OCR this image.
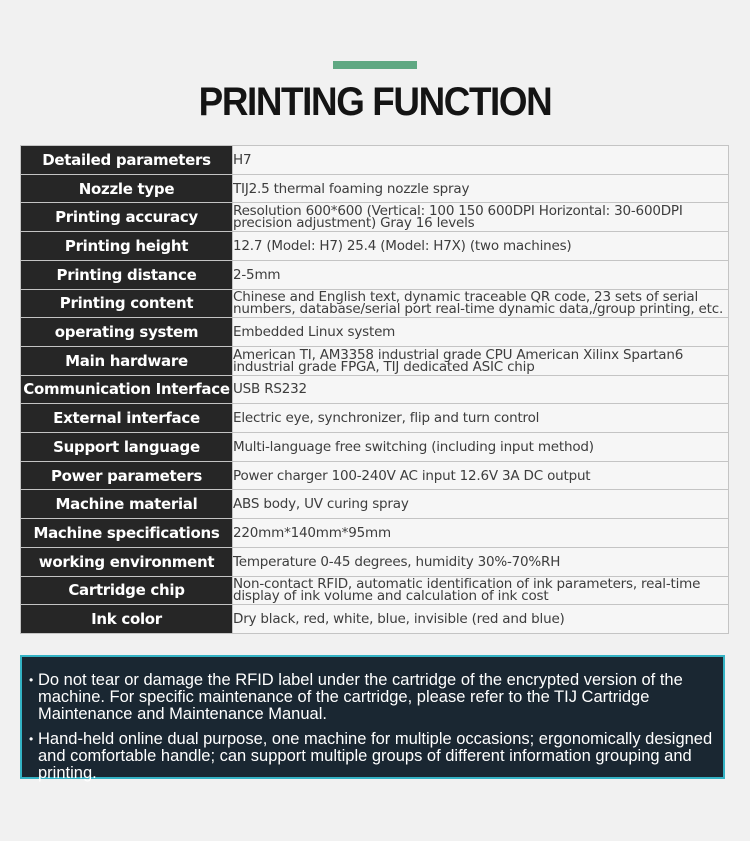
PRINTING FUNCTION
Detailed parameters	H7
Nozzle type	TIJ2.5 thermal foaming nozzle spray
Printing accuracy	Resolution 600*600 (Vertical: 100 150 600DPI Horizontal: 30-600DPI precision adjustment) Gray 16 levels
Printing height	12.7 (Model: H7) 25.4 (Model: H7X) (two machines)
Printing distance	2-5mm
Printing content	Chinese and English text, dynamic traceable QR code, 23 sets of serial numbers, database/serial port real-time dynamic data,/group printing, etc.
operating system	Embedded Linux system
Main hardware	American TI, AM3358 industrial grade CPU American Xilinx Spartan6 industrial grade FPGA, TIJ dedicated ASIC chip
Communication Interface	USB RS232
External interface	Electric eye, synchronizer, flip and turn control
Support language	Multi-language free switching (including input method)
Power parameters	Power charger 100-240V AC input 12.6V 3A DC output
Machine material	ABS body, UV curing spray
Machine specifications	220mm*140mm*95mm
working environment	Temperature 0-45 degrees, humidity 30%-70%RH
Cartridge chip	Non-contact RFID, automatic identification of ink parameters, real-time display of ink volume and calculation of ink cost
Ink color	Dry black, red, white, blue, invisible (red and blue)
• Do not tear or damage the RFID label under the cartridge of the encrypted version of the machine. For specific maintenance of the cartridge, please refer to the TIJ Cartridge Maintenance and Maintenance Manual.
• Hand-held online dual purpose, one machine for multiple occasions; ergonomically designed and comfortable handle; can support multiple groups of different information grouping and printing.
